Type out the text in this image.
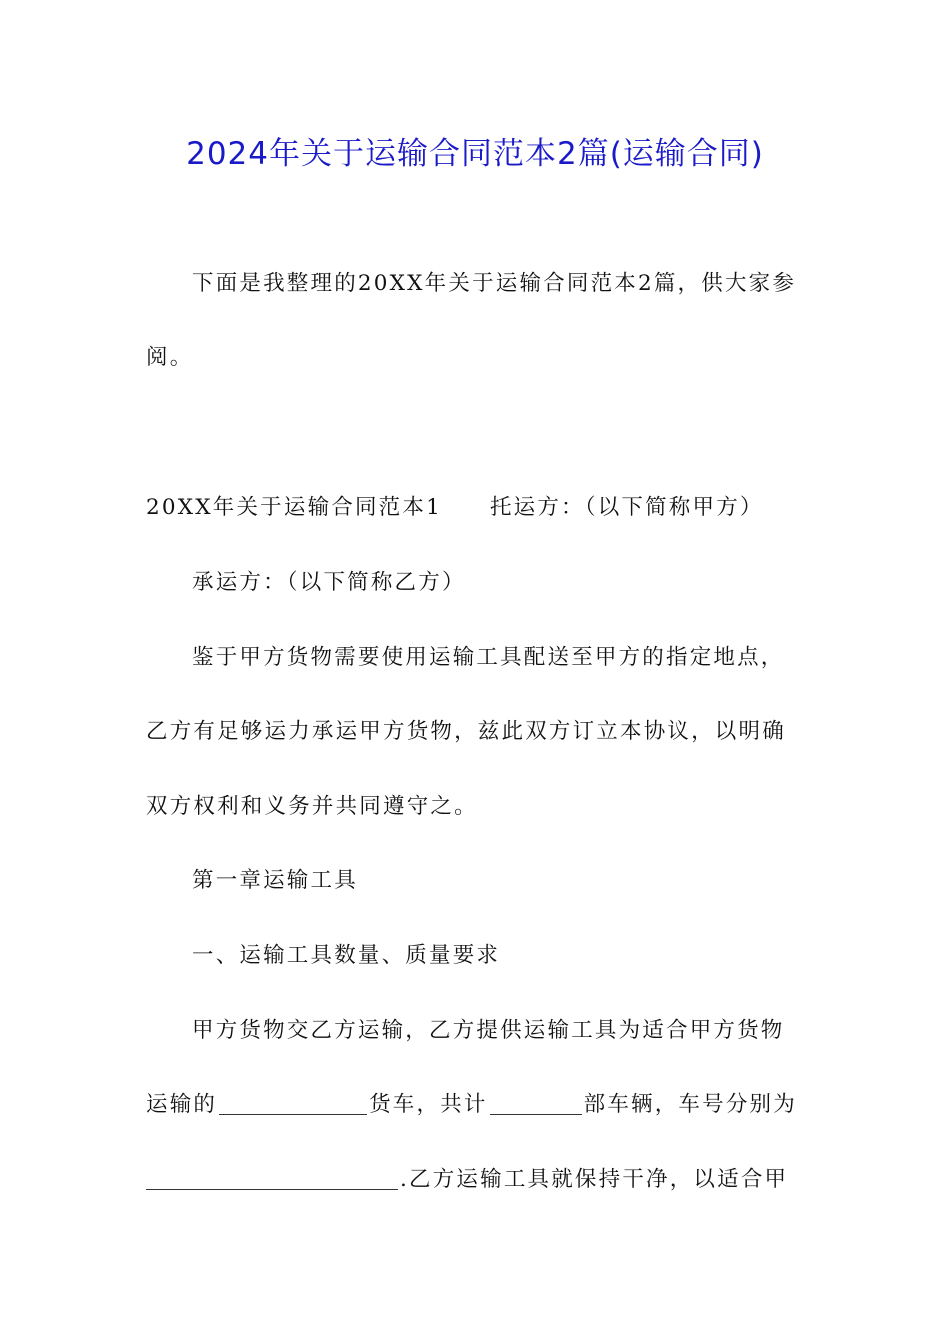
2024年关于运输合同范本2篇(运输合同)
下面是我整理的20XX年关于运输合同范本2篇，供大家参
阅。
20XX年关于运输合同范本1 托运方：（以下简称甲方）
承运方：（以下简称乙方）
鉴于甲方货物需要使用运输工具配送至甲方的指定地点，
乙方有足够运力承运甲方货物，兹此双方订立本协议，以明确
双方权利和义务并共同遵守之。
第一章运输工具
一、运输工具数量、质量要求
甲方货物交乙方运输，乙方提供运输工具为适合甲方货物
运输的	货车，共计	部车辆，车号分别为
.乙方运输工具就保持干净，以适合甲
